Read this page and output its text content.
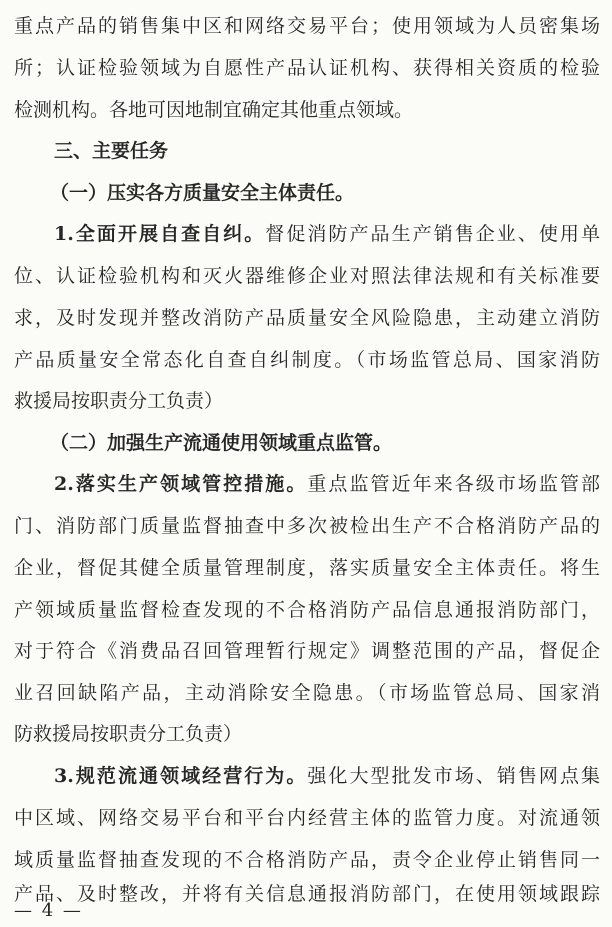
重点产品的销售集中区和网络交易平台；使用领域为人员密集场
所；认证检验领域为自愿性产品认证机构、获得相关资质的检验
检测机构。各地可因地制宜确定其他重点领域。
三、主要任务
（一）压实各方质量安全主体责任。
1.全面开展自查自纠。督促消防产品生产销售企业、使用单
位、认证检验机构和灭火器维修企业对照法律法规和有关标准要
求，及时发现并整改消防产品质量安全风险隐患，主动建立消防
产品质量安全常态化自查自纠制度。（市场监管总局、国家消防
救援局按职责分工负责）
（二）加强生产流通使用领域重点监管。
2.落实生产领域管控措施。重点监管近年来各级市场监管部
门、消防部门质量监督抽查中多次被检出生产不合格消防产品的
企业，督促其健全质量管理制度，落实质量安全主体责任。将生
产领域质量监督检查发现的不合格消防产品信息通报消防部门，
对于符合《消费品召回管理暂行规定》调整范围的产品，督促企
业召回缺陷产品，主动消除安全隐患。（市场监管总局、国家消
防救援局按职责分工负责）
3.规范流通领域经营行为。强化大型批发市场、销售网点集
中区域、网络交易平台和平台内经营主体的监管力度。对流通领
域质量监督抽查发现的不合格消防产品，责令企业停止销售同一
产品、及时整改，并将有关信息通报消防部门，在使用领域跟踪
— 4 —
